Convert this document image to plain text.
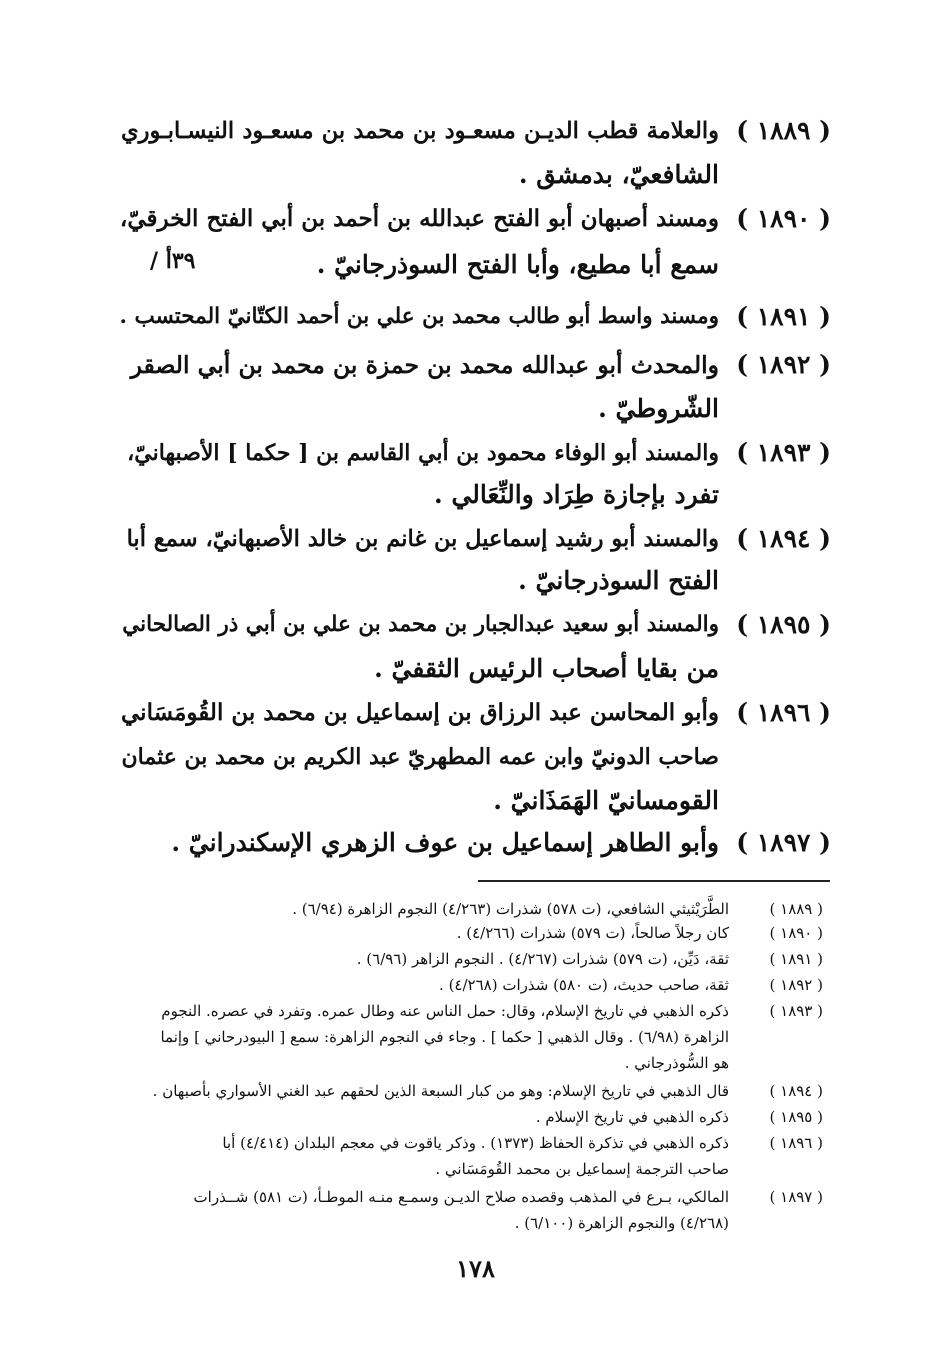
( ١٨٨٩ )
والعلامة قطب الديـن مسعـود بن محمد بن مسعـود النيسـابـوري
الشافعيّ، بدمشق .
( ١٨٩٠ )
ومسند أصبهان أبو الفتح عبدالله بن أحمد بن أبي الفتح الخرقيّ،
سمع أبا مطيع، وأبا الفتح السوذرجانيّ .
/ ٣٩أ
( ١٨٩١ )
ومسند واسط أبو طالب محمد بن علي بن أحمد الكتّانيّ المحتسب .
( ١٨٩٢ )
والمحدث أبو عبدالله محمد بن حمزة بن محمد بن أبي الصقر
الشّروطيّ .
( ١٨٩٣ )
والمسند أبو الوفاء محمود بن أبي القاسم بن [ حكما ] الأصبهانيّ،
تفرد بإجازة طِرَاد والنِّعَالي .
( ١٨٩٤ )
والمسند أبو رشيد إسماعيل بن غانم بن خالد الأصبهانيّ، سمع أبا
الفتح السوذرجانيّ .
( ١٨٩٥ )
والمسند أبو سعيد عبدالجبار بن محمد بن علي بن أبي ذر الصالحاني
من بقايا أصحاب الرئيس الثقفيّ .
( ١٨٩٦ )
وأبو المحاسن عبد الرزاق بن إسماعيل بن محمد بن القُومَسَاني
صاحب الدونيّ وابن عمه المطهريّ عبد الكريم بن محمد بن عثمان
القومسانيّ الهَمَذَانيّ .
( ١٨٩٧ )
وأبو الطاهر إسماعيل بن عوف الزهري الإسكندرانيّ .
( ١٨٨٩ )
الطَّرَيْثيثي الشافعي، (ت ٥٧٨) شذرات (٤/٢٦٣) النجوم الزاهرة (٦/٩٤) .
( ١٨٩٠ )
كان رجلاً صالحاً، (ت ٥٧٩) شذرات (٤/٢٦٦) .
( ١٨٩١ )
ثقة، دَيِّن، (ت ٥٧٩) شذرات (٤/٢٦٧) . النجوم الزاهر (٦/٩٦) .
( ١٨٩٢ )
ثقة، صاحب حديث، (ت ٥٨٠) شذرات (٤/٢٦٨) .
( ١٨٩٣ )
ذكره الذهبي في تاريخ الإسلام، وقال: حمل الناس عنه وطال عمره. وتفرد في عصره. النجوم
الزاهرة (٦/٩٨) . وقال الذهبي [ حكما ] . وجاء في النجوم الزاهرة: سمع [ البيودرحاني ] وإنما
هو السُّوذرجاني .
( ١٨٩٤ )
قال الذهبي في تاريخ الإسلام: وهو من كبار السبعة الذين لحقهم عبد الغني الأسواري بأصبهان .
( ١٨٩٥ )
ذكره الذهبي في تاريخ الإسلام .
( ١٨٩٦ )
ذكره الذهبي في تذكرة الحفاظ (١٣٧٣) . وذكر ياقوت في معجم البلدان (٤/٤١٤) أبا
صاحب الترجمة إسماعيل بن محمد القُومَسَاني .
( ١٨٩٧ )
المالكي، بـرع في المذهب وقصده صلاح الديـن وسمـع منـه الموطـأ، (ت ٥٨١) شــذرات
(٤/٢٦٨) والنجوم الزاهرة (٦/١٠٠) .
١٧٨
